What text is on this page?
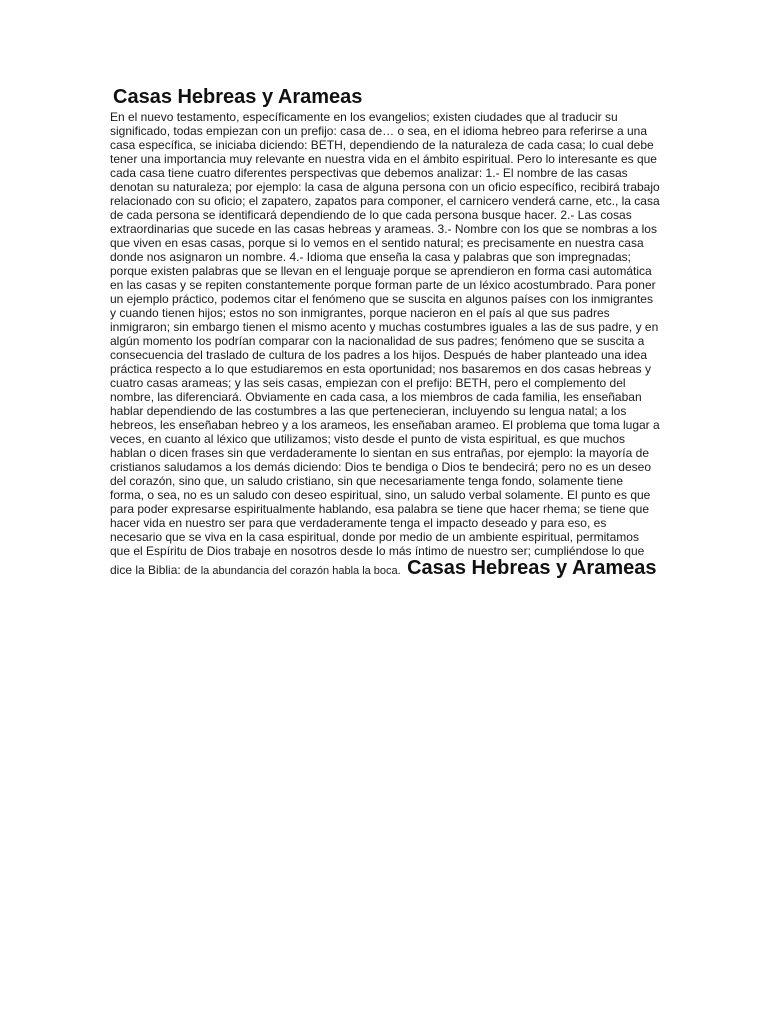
Casas Hebreas y Arameas

En el nuevo testamento, específicamente en los evangelios; existen ciudades que al traducir su significado, todas empiezan con un prefijo: casa de… o sea, en el idioma hebreo para referirse a una casa específica, se iniciaba diciendo: BETH, dependiendo de la naturaleza de cada casa; lo cual debe tener una importancia muy relevante en nuestra vida en el ámbito espiritual. Pero lo interesante es que cada casa tiene cuatro diferentes perspectivas que debemos analizar: 1.- El nombre de las casas denotan su naturaleza; por ejemplo: la casa de alguna persona con un oficio específico, recibirá trabajo relacionado con su oficio; el zapatero, zapatos para componer, el carnicero venderá carne, etc., la casa de cada persona se identificará dependiendo de lo que cada persona busque hacer. 2.- Las cosas extraordinarias que sucede en las casas hebreas y arameas. 3.- Nombre con los que se nombras a los que viven en esas casas, porque si lo vemos en el sentido natural; es precisamente en nuestra casa donde nos asignaron un nombre. 4.- Idioma que enseña la casa y palabras que son impregnadas; porque existen palabras que se llevan en el lenguaje porque se aprendieron en forma casi automática en las casas y se repiten constantemente porque forman parte de un léxico acostumbrado. Para poner un ejemplo práctico, podemos citar el fenómeno que se suscita en algunos países con los inmigrantes y cuando tienen hijos; estos no son inmigrantes, porque nacieron en el país al que sus padres inmigraron; sin embargo tienen el mismo acento y muchas costumbres iguales a las de sus padre, y en algún momento los podrían comparar con la nacionalidad de sus padres; fenómeno que se suscita a consecuencia del traslado de cultura de los padres a los hijos. Después de haber planteado una idea práctica respecto a lo que estudiaremos en esta oportunidad; nos basaremos en dos casas hebreas y cuatro casas arameas; y las seis casas, empiezan con el prefijo: BETH, pero el complemento del nombre, las diferenciará. Obviamente en cada casa, a los miembros de cada familia, les enseñaban hablar dependiendo de las costumbres a las que pertenecieran, incluyendo su lengua natal; a los hebreos, les enseñaban hebreo y a los arameos, les enseñaban arameo. El problema que toma lugar a veces, en cuanto al léxico que utilizamos; visto desde el punto de vista espiritual, es que muchos hablan o dicen frases sin que verdaderamente lo sientan en sus entrañas, por ejemplo: la mayoría de cristianos saludamos a los demás diciendo: Dios te bendiga o Dios te bendecirá; pero no es un deseo del corazón, sino que, un saludo cristiano, sin que necesariamente tenga fondo, solamente tiene forma, o sea, no es un saludo con deseo espiritual, sino, un saludo verbal solamente. El punto es que para poder expresarse espiritualmente hablando, esa palabra se tiene que hacer rhema; se tiene que hacer vida en nuestro ser para que verdaderamente tenga el impacto deseado y para eso, es necesario que se viva en la casa espiritual, donde por medio de un ambiente espiritual, permitamos que el Espíritu de Dios trabaje en nosotros desde lo más íntimo de nuestro ser; cumpliéndose lo que dice la Biblia: de la abundancia del corazón habla la boca. Casas Hebreas y Arameas
